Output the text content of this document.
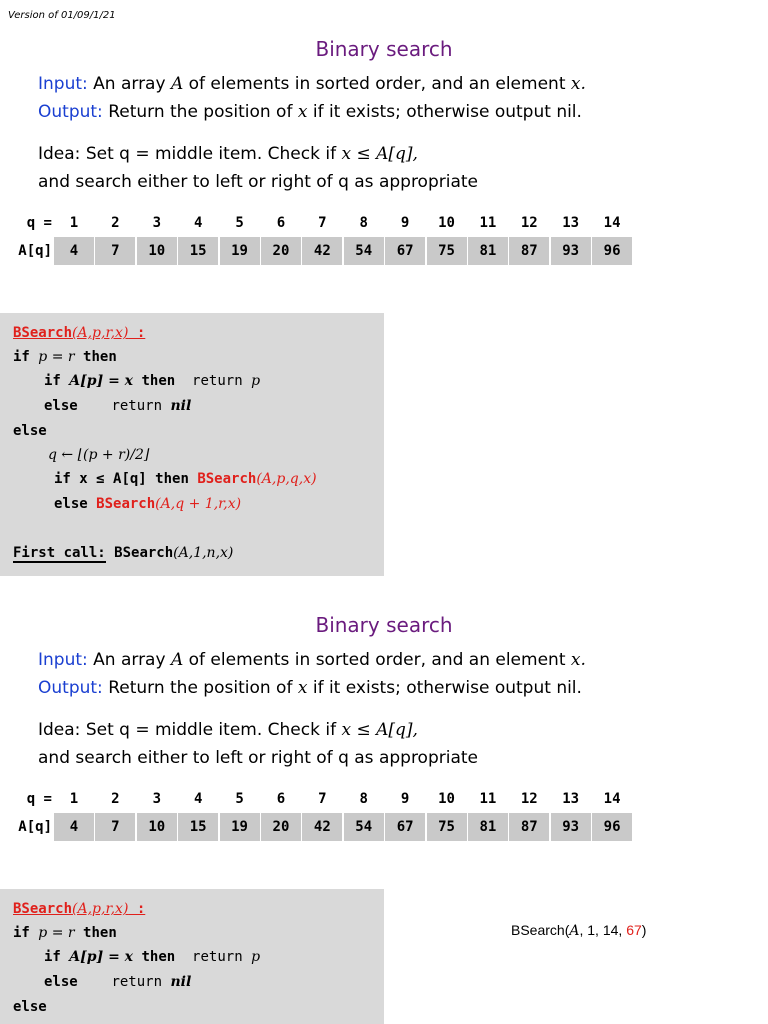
Version of 01/09/1/21
Binary search
Input: An array A of elements in sorted order, and an element x.
Output: Return the position of x if it exists; otherwise output nil.
Idea: Set q = middle item. Check if x ≤ A[q],
and search either to left or right of q as appropriate
q =	1	2	3	4	5	6	7	8	9	10	11	12	13	14
A[q]	4	7	10	15	19	20	42	54	67	75	81	87	93	96
BSearch(A,p,r,x) :
if p = r then
if A[p] = x then return p
else return nil
else
q ← ⌊(p + r)/2⌋
if x ≤ A[q] then BSearch(A,p,q,x)
else BSearch(A,q + 1,r,x)
First call: BSearch(A,1,n,x)
Binary search
Input: An array A of elements in sorted order, and an element x.
Output: Return the position of x if it exists; otherwise output nil.
Idea: Set q = middle item. Check if x ≤ A[q],
and search either to left or right of q as appropriate
q =	1	2	3	4	5	6	7	8	9	10	11	12	13	14
A[q]	4	7	10	15	19	20	42	54	67	75	81	87	93	96
BSearch(A,p,r,x) :
if p = r then
if A[p] = x then return p
else return nil
else
BSearch(A, 1, 14, 67)
